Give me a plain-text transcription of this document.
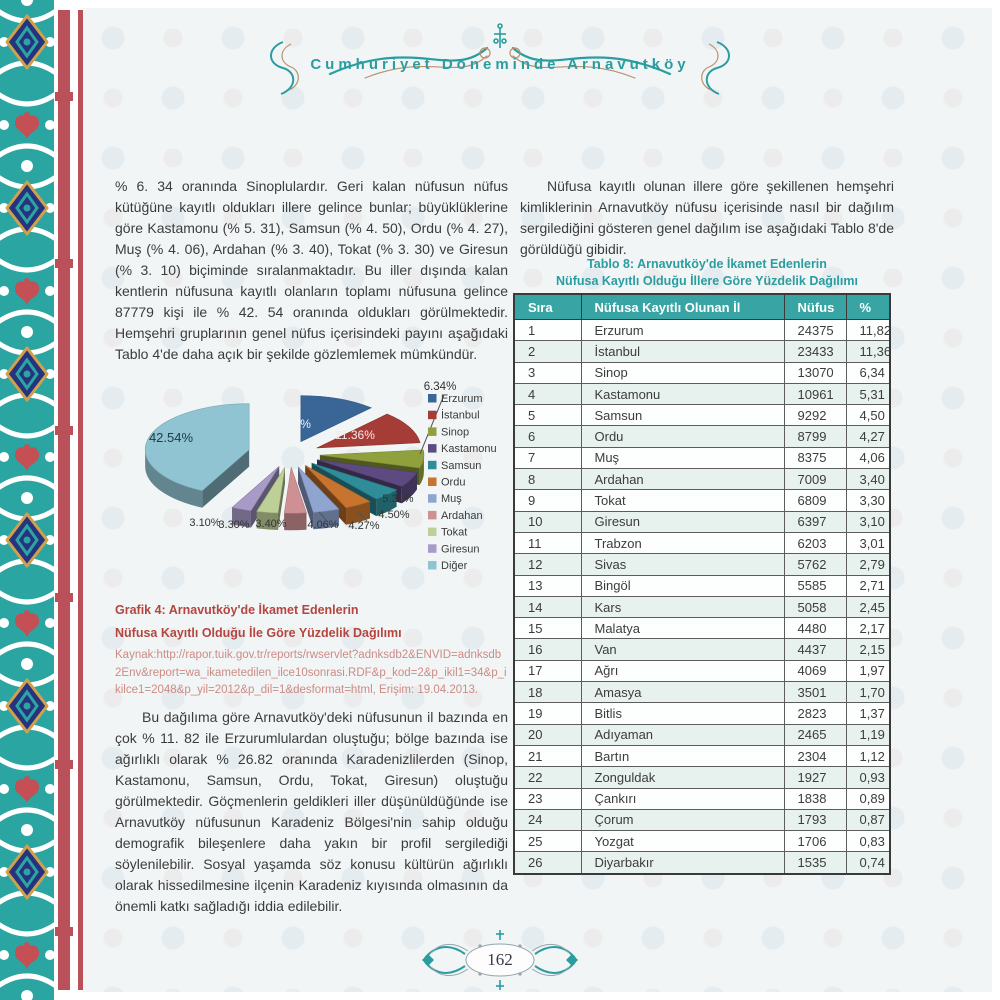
Cumhuriyet Döneminde Arnavutköy
% 6. 34 oranında Sinoplulardır. Geri kalan nüfusun nüfus kütüğüne kayıtlı oldukları illere gelince bunlar; büyüklüklerine göre Kastamonu (% 5. 31), Samsun (% 4. 50), Ordu (% 4. 27), Muş (% 4. 06), Ardahan (% 3. 40), Tokat (% 3. 30) ve Giresun (% 3. 10) biçiminde sıralanmaktadır. Bu iller dışında kalan kentlerin nüfusuna kayıtlı olanların toplamı nüfusuna gelince 87779 kişi ile % 42. 54 oranında oldukları görülmektedir. Hemşehri gruplarının genel nüfus içerisindeki payını aşağıdaki Tablo 4'de daha açık bir şekilde gözlemlemek mümkündür.
11.82%
11.36%
6.34%
5.31%
4.50%
4.27%
4.06%
3.40%
3.30%
3.10%
42.54%
Erzurum
İstanbul
Sinop
Kastamonu
Samsun
Ordu
Muş
Ardahan
Tokat
Giresun
Diğer
Grafik 4: Arnavutköy'de İkamet Edenlerin
Nüfusa Kayıtlı Olduğu İle Göre Yüzdelik Dağılımı
Kaynak:http://rapor.tuik.gov.tr/reports/rwservlet?adnksdb2&ENVID=adnksdb2Env&report=wa_ikametedilen_ilce10sonrasi.RDF&p_kod=2&p_ikil1=34&p_ikilce1=2048&p_yil=2012&p_dil=1&desformat=html, Erişim: 19.04.2013.
Bu dağılıma göre Arnavutköy'deki nüfusunun il bazında en çok % 11. 82 ile Erzurumlulardan oluştuğu; bölge bazında ise ağırlıklı olarak % 26.82 oranında Karadenizlilerden (Sinop, Kastamonu, Samsun, Ordu, Tokat, Giresun) oluştuğu görülmektedir. Göçmenlerin geldikleri iller düşünüldüğünde ise Arnavutköy nüfusunun Karadeniz Bölgesi'nin sahip olduğu demografik bileşenlere daha yakın bir profil sergilediği söylenilebilir. Sosyal yaşamda söz konusu kültürün ağırlıklı olarak hissedilmesine ilçenin Karadeniz kıyısında olmasının da önemli katkı sağladığı iddia edilebilir.
Nüfusa kayıtlı olunan illere göre şekillenen hemşehri kimliklerinin Arnavutköy nüfusu içerisinde nasıl bir dağılım sergilediğini gösteren genel dağılım ise aşağıdaki Tablo 8'de görüldüğü gibidir.
Tablo 8: Arnavutköy'de İkamet Edenlerin
Nüfusa Kayıtlı Olduğu İllere Göre Yüzdelik Dağılımı
Sıra	Nüfusa Kayıtlı Olunan İl	Nüfus	%
1	Erzurum	24375	11,82
2	İstanbul	23433	11,36
3	Sinop	13070	6,34
4	Kastamonu	10961	5,31
5	Samsun	9292	4,50
6	Ordu	8799	4,27
7	Muş	8375	4,06
8	Ardahan	7009	3,40
9	Tokat	6809	3,30
10	Giresun	6397	3,10
11	Trabzon	6203	3,01
12	Sivas	5762	2,79
13	Bingöl	5585	2,71
14	Kars	5058	2,45
15	Malatya	4480	2,17
16	Van	4437	2,15
17	Ağrı	4069	1,97
18	Amasya	3501	1,70
19	Bitlis	2823	1,37
20	Adıyaman	2465	1,19
21	Bartın	2304	1,12
22	Zonguldak	1927	0,93
23	Çankırı	1838	0,89
24	Çorum	1793	0,87
25	Yozgat	1706	0,83
26	Diyarbakır	1535	0,74
162
